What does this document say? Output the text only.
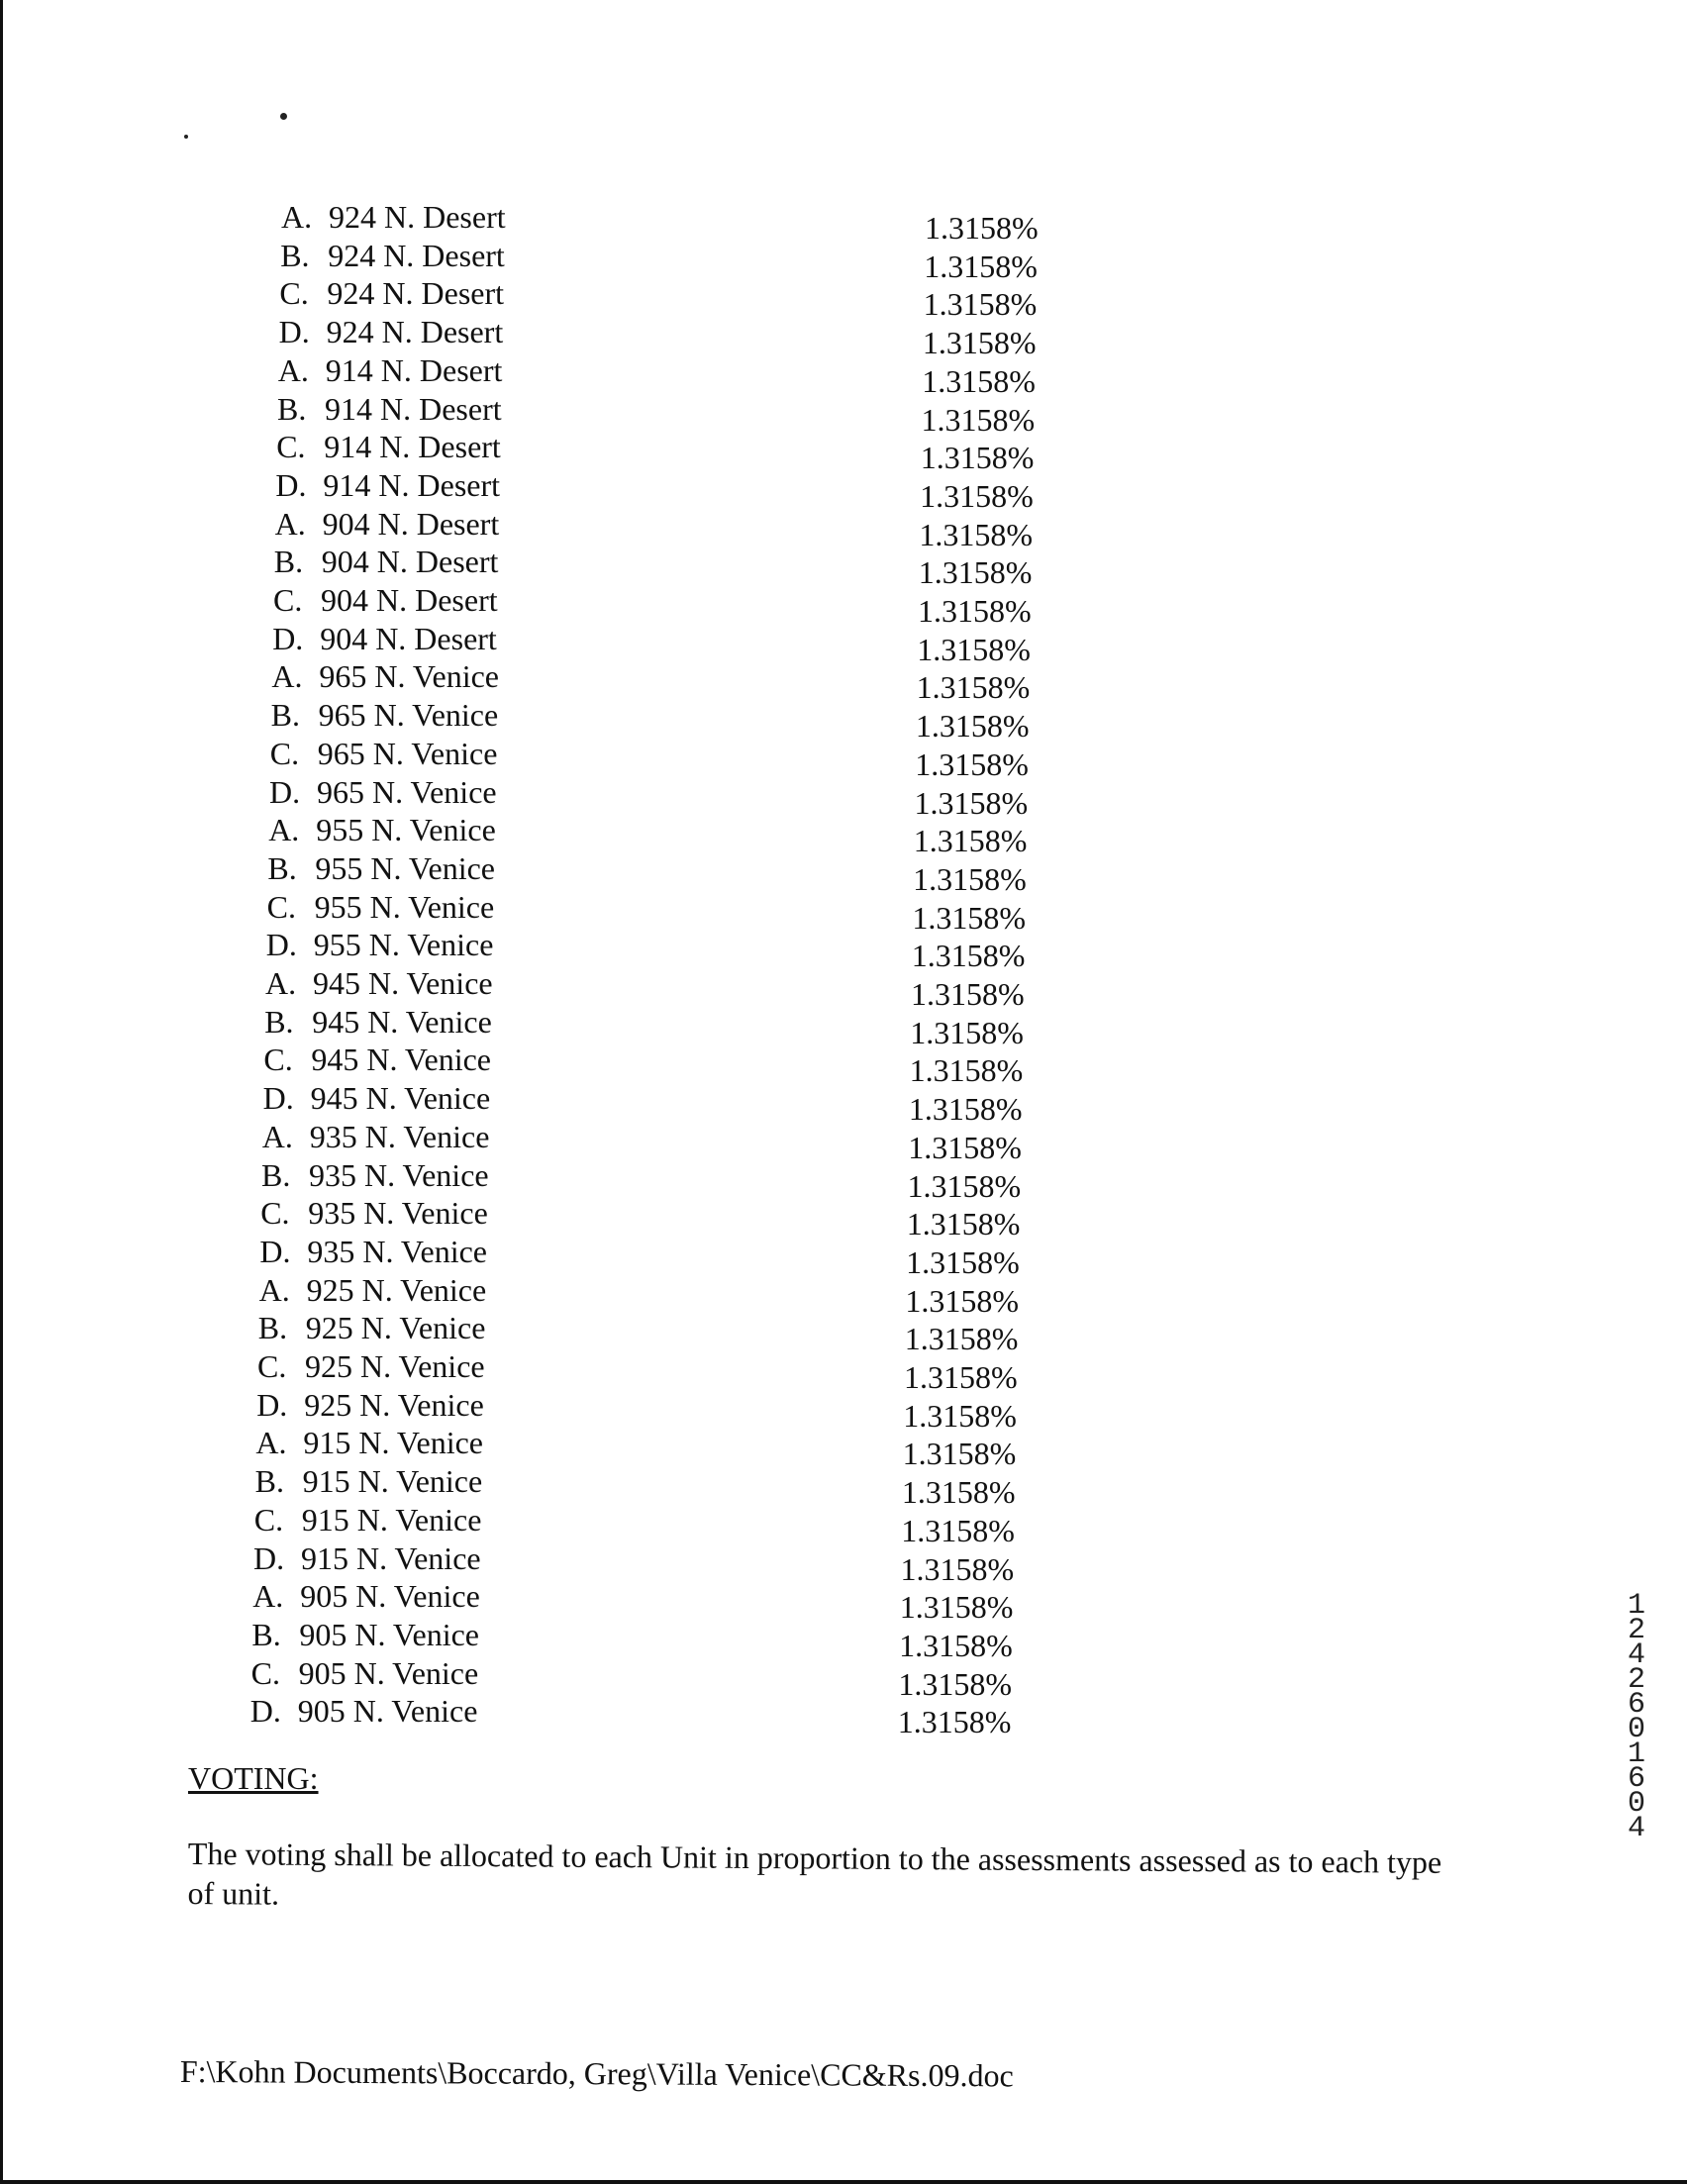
A. 924 N. Desert	1.3158%
B. 924 N. Desert	1.3158%
C. 924 N. Desert	1.3158%
D. 924 N. Desert	1.3158%
A. 914 N. Desert	1.3158%
B. 914 N. Desert	1.3158%
C. 914 N. Desert	1.3158%
D. 914 N. Desert	1.3158%
A. 904 N. Desert	1.3158%
B. 904 N. Desert	1.3158%
C. 904 N. Desert	1.3158%
D. 904 N. Desert	1.3158%
A. 965 N. Venice	1.3158%
B. 965 N. Venice	1.3158%
C. 965 N. Venice	1.3158%
D. 965 N. Venice	1.3158%
A. 955 N. Venice	1.3158%
B. 955 N. Venice	1.3158%
C. 955 N. Venice	1.3158%
D. 955 N. Venice	1.3158%
A. 945 N. Venice	1.3158%
B. 945 N. Venice	1.3158%
C. 945 N. Venice	1.3158%
D. 945 N. Venice	1.3158%
A. 935 N. Venice	1.3158%
B. 935 N. Venice	1.3158%
C. 935 N. Venice	1.3158%
D. 935 N. Venice	1.3158%
A. 925 N. Venice	1.3158%
B. 925 N. Venice	1.3158%
C. 925 N. Venice	1.3158%
D. 925 N. Venice	1.3158%
A. 915 N. Venice	1.3158%
B. 915 N. Venice	1.3158%
C. 915 N. Venice	1.3158%
D. 915 N. Venice	1.3158%
A. 905 N. Venice	1.3158%
B. 905 N. Venice	1.3158%
C. 905 N. Venice	1.3158%
D. 905 N. Venice	1.3158%
VOTING:
The voting shall be allocated to each Unit in proportion to the assessments assessed as to each type of unit.
F:\Kohn Documents\Boccardo, Greg\Villa Venice\CC&Rs.09.doc
12426 01604
